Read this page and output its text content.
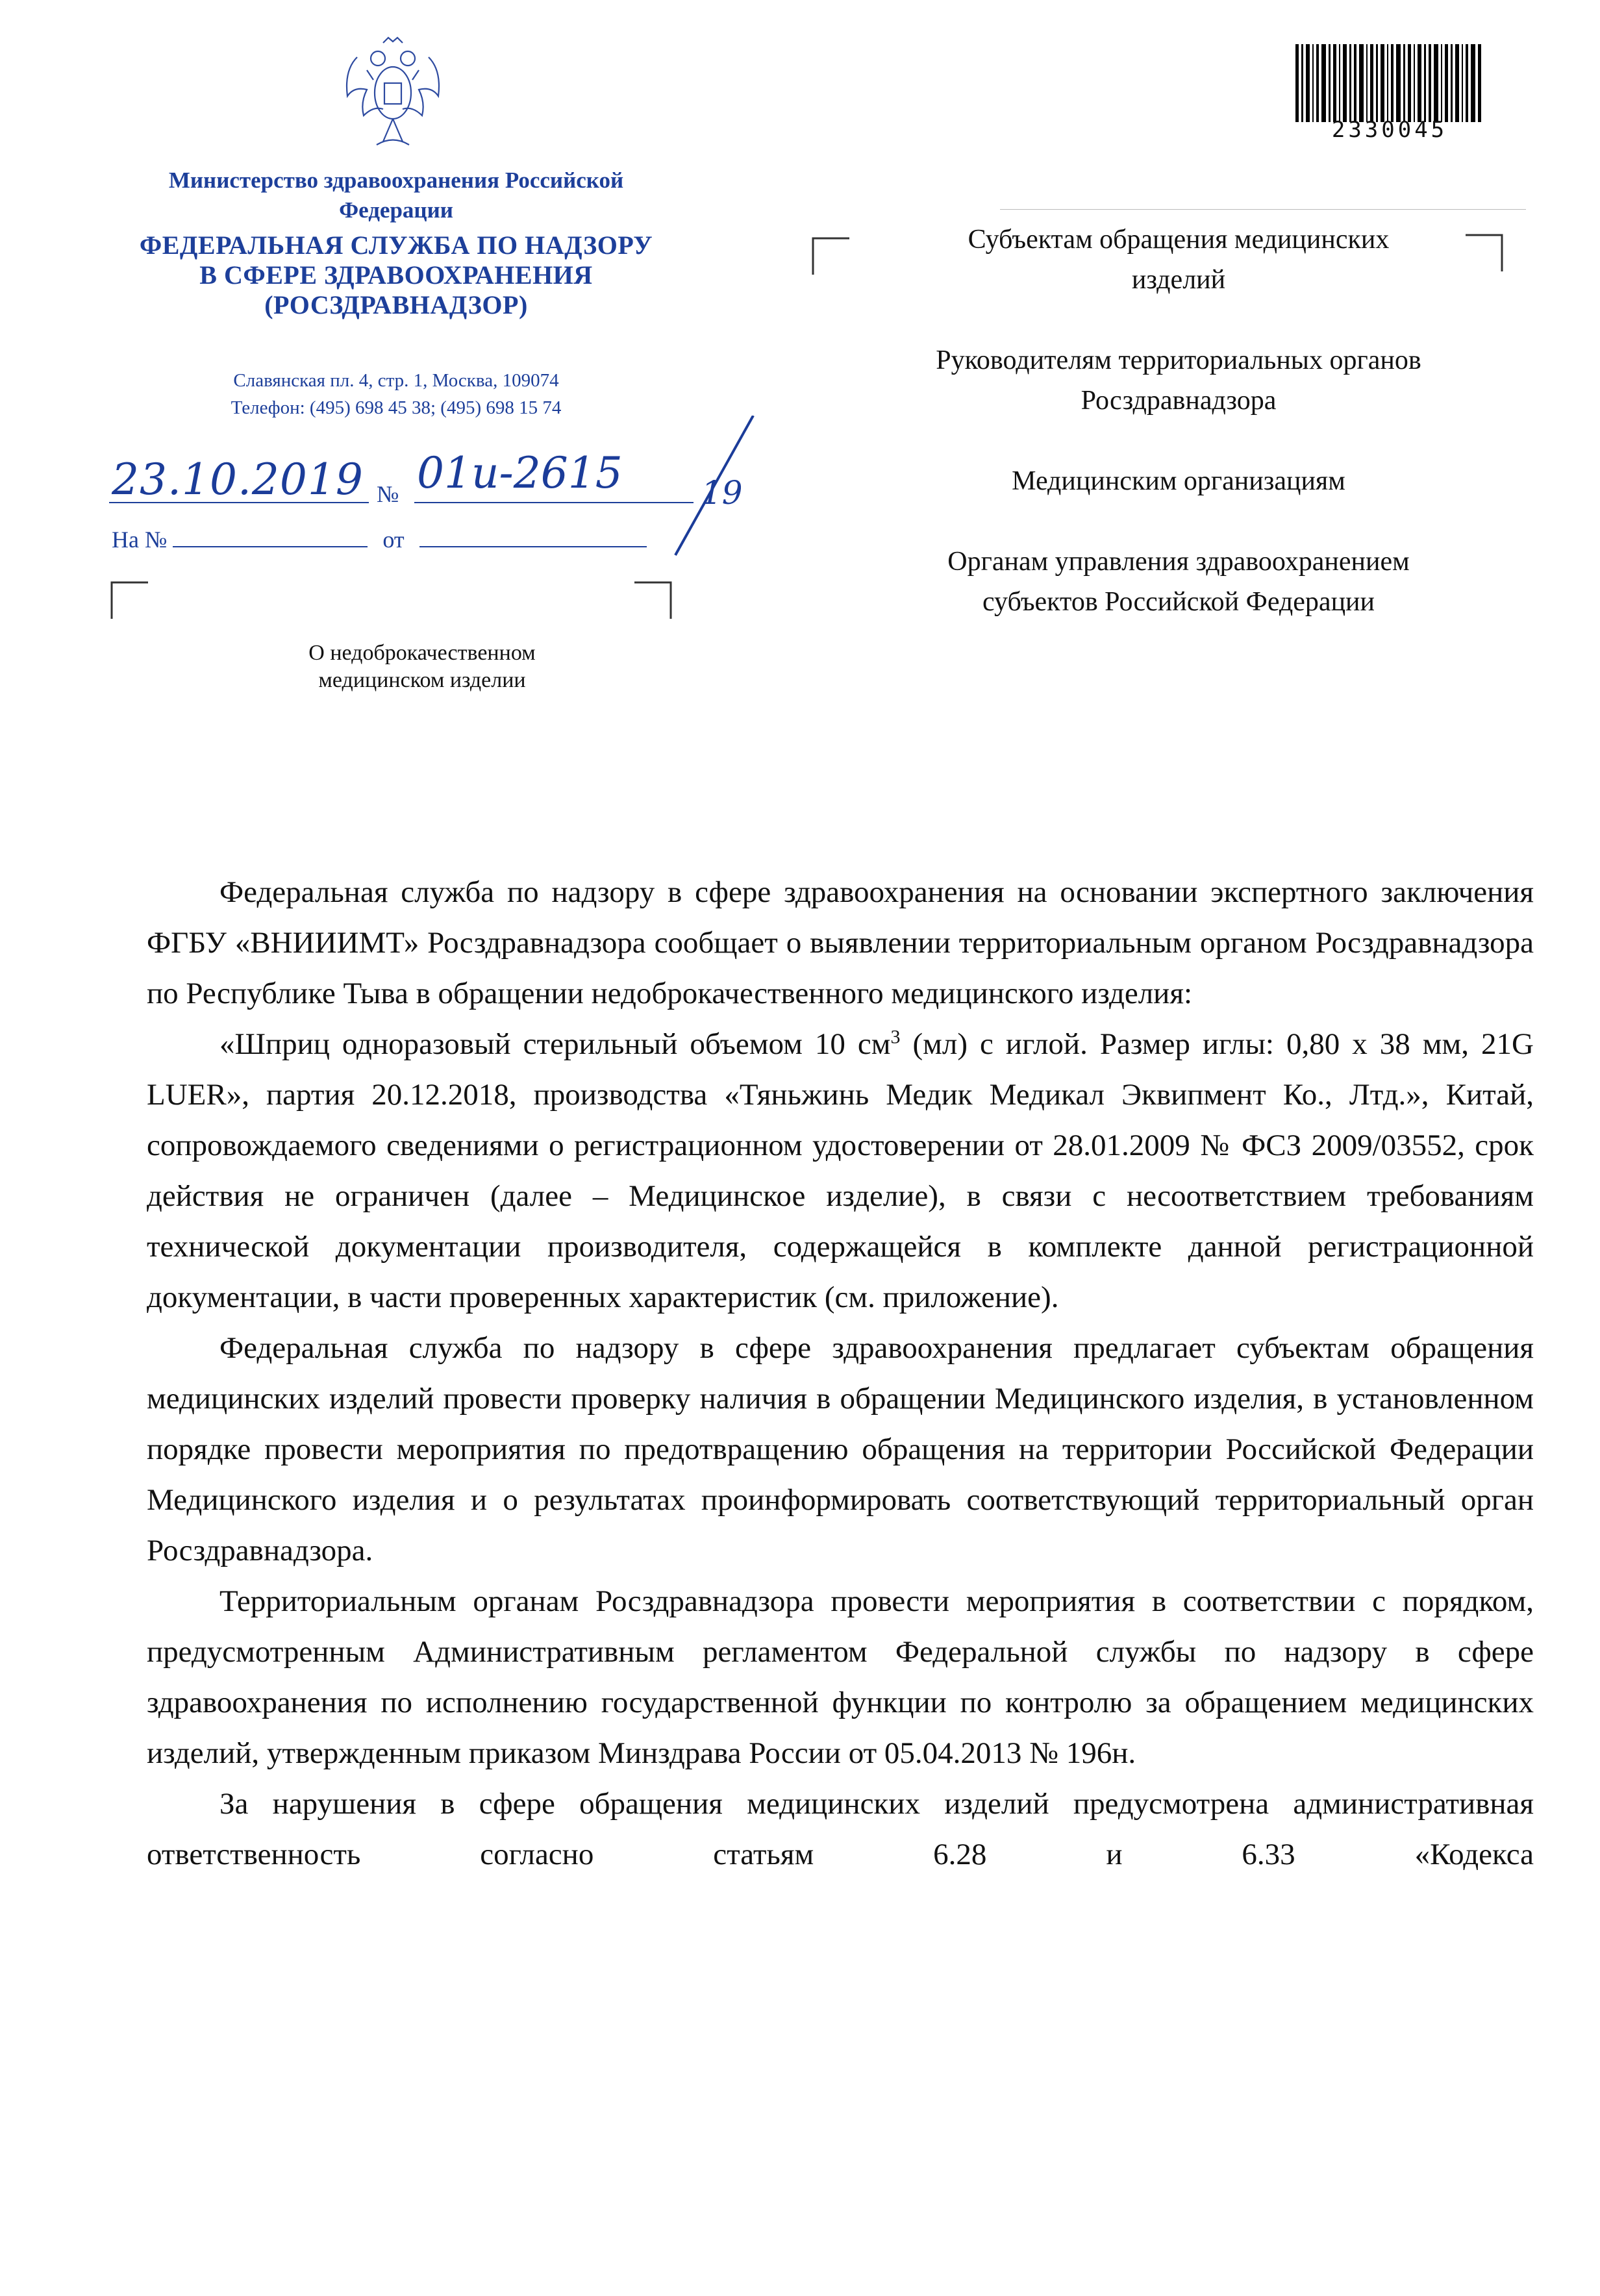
Министерство здравоохранения Российской Федерации
ФЕДЕРАЛЬНАЯ СЛУЖБА ПО НАДЗОРУ
В СФЕРЕ ЗДРАВООХРАНЕНИЯ
(РОСЗДРАВНАДЗОР)
Славянская пл. 4, стр. 1, Москва, 109074
Телефон: (495) 698 45 38; (495) 698 15 74
23.10.2019 № 01u-2615 19
На №	от
О недоброкачественном
медицинском изделии
2330045
Субъектам обращения медицинских изделий
Руководителям территориальных органов Росздравнадзора
Медицинским организациям
Органам управления здравоохранением субъектов Российской Федерации

Федеральная служба по надзору в сфере здравоохранения на основании экспертного заключения ФГБУ «ВНИИИМТ» Росздравнадзора сообщает о выявлении территориальным органом Росздравнадзора по Республике Тыва в обращении недоброкачественного медицинского изделия:

«Шприц одноразовый стерильный объемом 10 $см^3$ (мл) с иглой. Размер иглы: 0,80 x 38 мм, 21G LUER», партия 20.12.2018, производства «Тяньжинь Медик Медикал Эквипмент Ко., Лтд.», Китай, сопровождаемого сведениями о регистрационном удостоверении от 28.01.2009 № ФСЗ 2009/03552, срок действия не ограничен (далее – Медицинское изделие), в связи с несоответствием требованиям технической документации производителя, содержащейся в комплекте данной регистрационной документации, в части проверенных характеристик (см. приложение).

Федеральная служба по надзору в сфере здравоохранения предлагает субъектам обращения медицинских изделий провести проверку наличия в обращении Медицинского изделия, в установленном порядке провести мероприятия по предотвращению обращения на территории Российской Федерации Медицинского изделия и о результатах проинформировать соответствующий территориальный орган Росздравнадзора.

Территориальным органам Росздравнадзора провести мероприятия в соответствии с порядком, предусмотренным Административным регламентом Федеральной службы по надзору в сфере здравоохранения по исполнению государственной функции по контролю за обращением медицинских изделий, утвержденным приказом Минздрава России от 05.04.2013 № 196н.

За нарушения в сфере обращения медицинских изделий предусмотрена административная ответственность согласно статьям 6.28 и 6.33 «Кодекса
